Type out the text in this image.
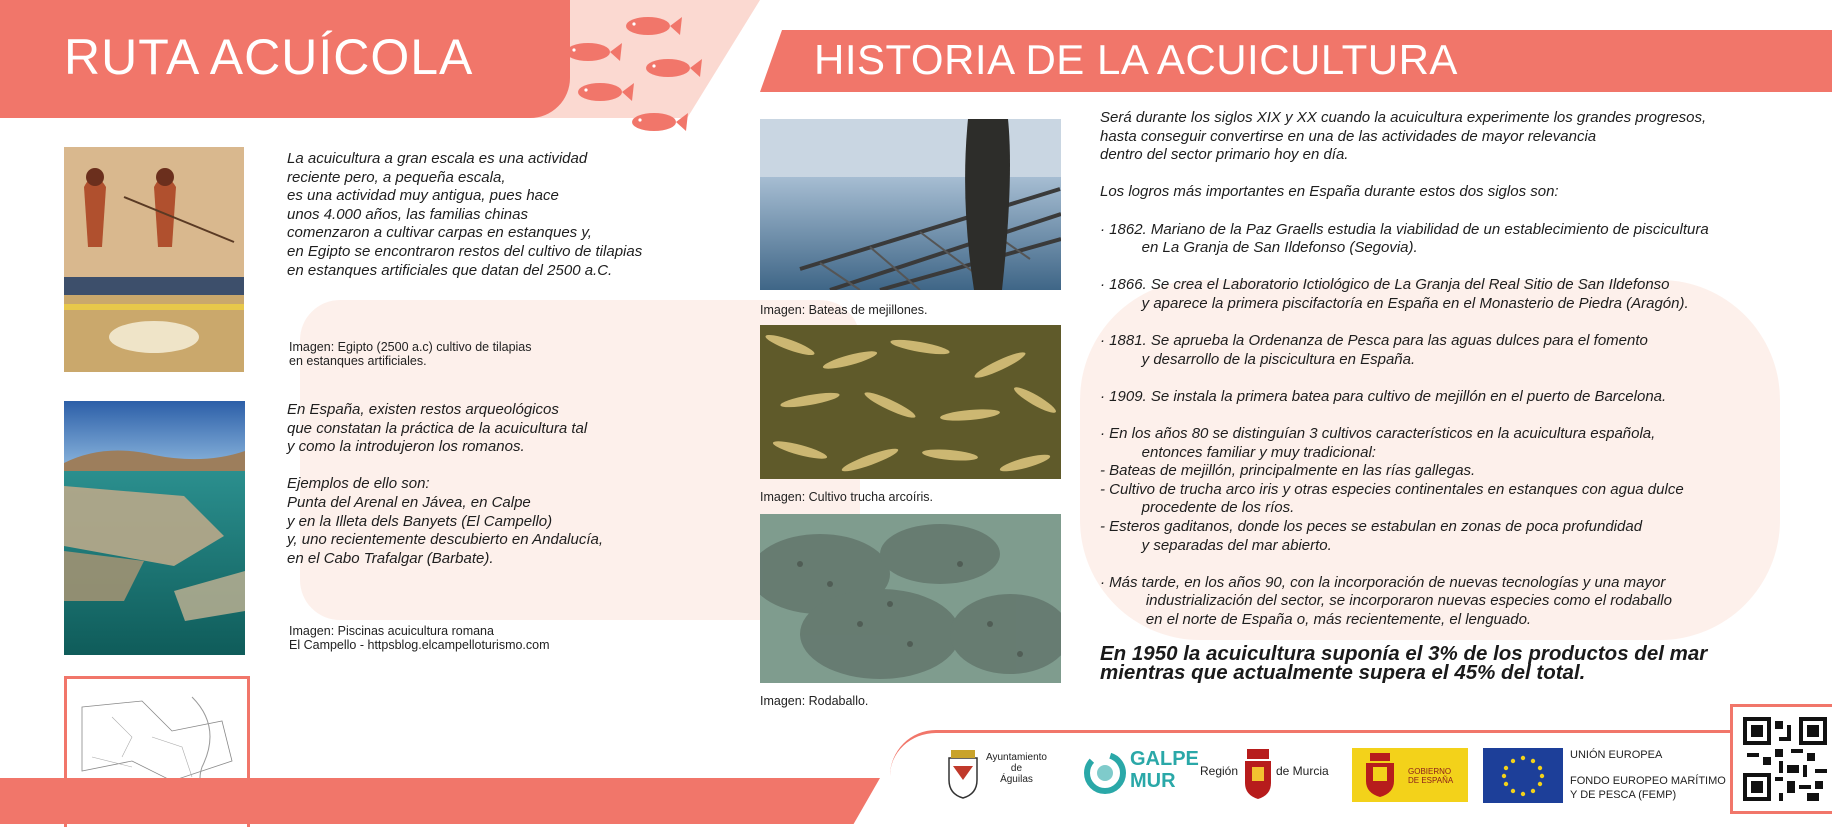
RUTA ACUÍCOLA	HISTORIA DE LA ACUICULTURA
Imagen: Egipto (2500 a.c) cultivo de tilapias
en estanques artificiales.
La acuicultura a gran escala es una actividad
reciente pero, a pequeña escala,
es una actividad muy antigua, pues hace
unos 4.000 años, las familias chinas
comenzaron a cultivar carpas en estanques y,
en Egipto se encontraron restos del cultivo de tilapias
en estanques artificiales que datan del 2500 a.C.
Imagen: Piscinas acuicultura romana
El Campello - httpsblog.elcampelloturismo.com
En España, existen restos arqueológicos
que constatan la práctica de la acuicultura tal
y como la introdujeron los romanos.

Ejemplos de ello son:
Punta del Arenal en Jávea, en Calpe
y en la Illeta dels Banyets (El Campello)
y, uno recientemente descubierto en Andalucía,
en el Cabo Trafalgar (Barbate).
Imagen: Bateas de mejillones.
Imagen: Cultivo trucha arcoíris.
Imagen: Rodaballo.
Será durante los siglos XIX y XX cuando la acuicultura experimente los grandes progresos,
hasta conseguir convertirse en una de las actividades de mayor relevancia
dentro del sector primario hoy en día.

Los logros más importantes en España durante estos dos siglos son:

· 1862. Mariano de la Paz Graells estudia la viabilidad de un establecimiento de piscicultura
en La Granja de San Ildefonso (Segovia).

· 1866. Se crea el Laboratorio Ictiológico de La Granja del Real Sitio de San Ildefonso
y aparece la primera piscifactoría en España en el Monasterio de Piedra (Aragón).

· 1881. Se aprueba la Ordenanza de Pesca para las aguas dulces para el fomento
y desarrollo de la piscicultura en España.

· 1909. Se instala la primera batea para cultivo de mejillón en el puerto de Barcelona.

· En los años 80 se distinguían 3 cultivos característicos en la acuicultura española,
entonces familiar y muy tradicional:
- Bateas de mejillón, principalmente en las rías gallegas.
- Cultivo de trucha arco iris y otras especies continentales en estanques con agua dulce
procedente de los ríos.
- Esteros gaditanos, donde los peces se estabulan en zonas de poca profundidad
y separadas del mar abierto.

· Más tarde, en los años 90, con la incorporación de nuevas tecnologías y una mayor
industrialización del sector, se incorporaron nuevas especies como el rodaballo
en el norte de España o, más recientemente, el lenguado.
En 1950 la acuicultura suponía el 3% de los productos del mar
mientras que actualmente supera el 45% del total.
Ayuntamiento
de
Águilas
GALPE
MUR	Región	de Murcia	GOBIERNO
DE ESPAÑA
UNIÓN EUROPEA
FONDO EUROPEO MARÍTIMO
Y DE PESCA (FEMP)
